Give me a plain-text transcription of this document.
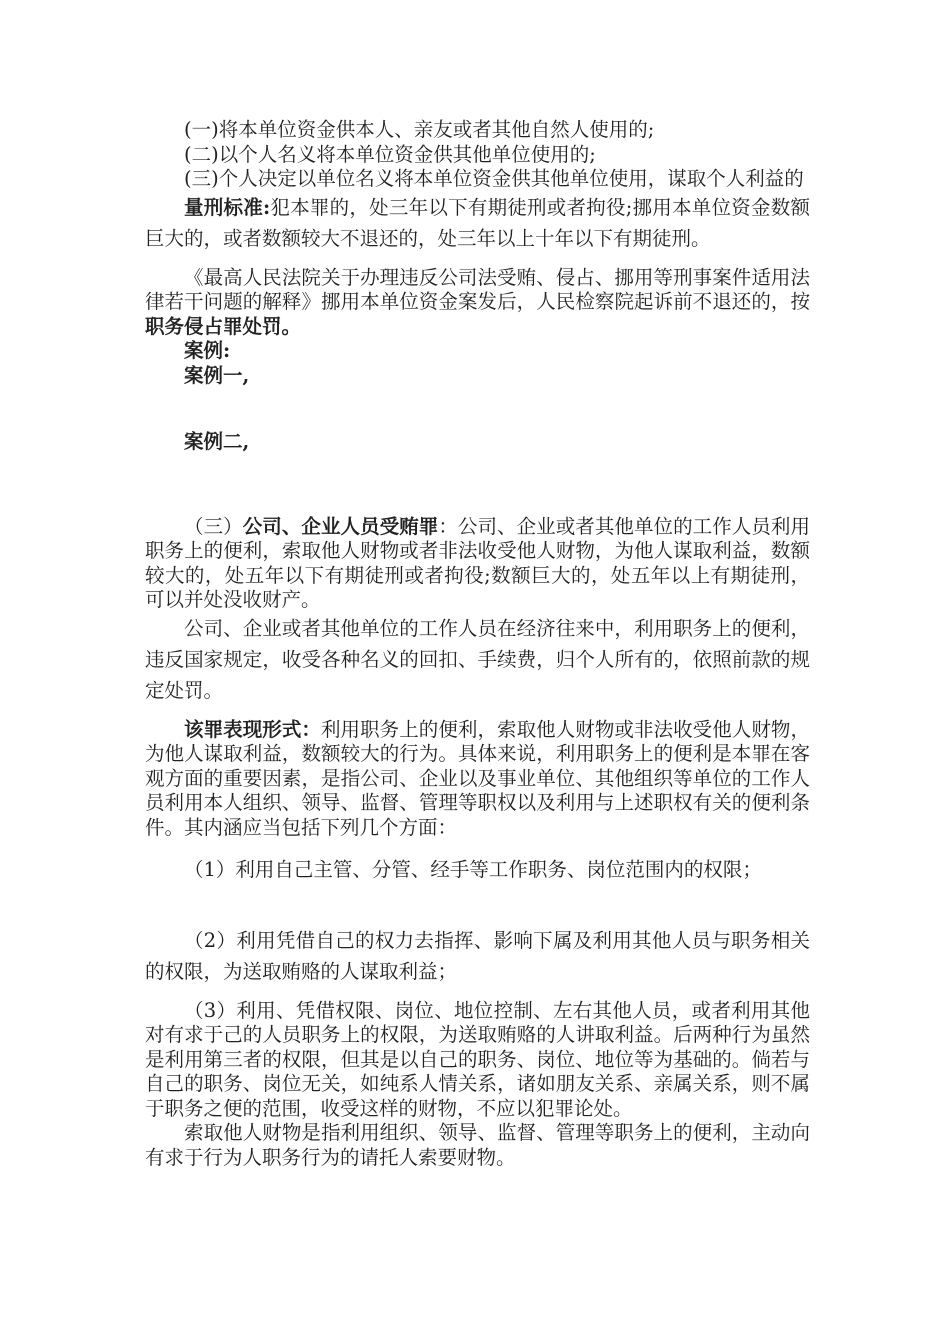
(一)将本单位资金供本人、亲友或者其他自然人使用的;

(二)以个人名义将本单位资金供其他单位使用的;

(三)个人决定以单位名义将本单位资金供其他单位使用，谋取个人利益的

量刑标准:犯本罪的，处三年以下有期徒刑或者拘役;挪用本单位资金数额巨大的，或者数额较大不退还的，处三年以上十年以下有期徒刑。

《最高人民法院关于办理违反公司法受贿、侵占、挪用等刑事案件适用法律若干问题的解释》挪用本单位资金案发后，人民检察院起诉前不退还的，按职务侵占罪处罚。

案例:

案例一,

案例二,

（三）公司、企业人员受贿罪：公司、企业或者其他单位的工作人员利用职务上的便利，索取他人财物或者非法收受他人财物，为他人谋取利益，数额较大的，处五年以下有期徒刑或者拘役;数额巨大的，处五年以上有期徒刑，可以并处没收财产。

公司、企业或者其他单位的工作人员在经济往来中，利用职务上的便利，违反国家规定，收受各种名义的回扣、手续费，归个人所有的，依照前款的规定处罚。

该罪表现形式：利用职务上的便利，索取他人财物或非法收受他人财物，为他人谋取利益，数额较大的行为。具体来说，利用职务上的便利是本罪在客观方面的重要因素，是指公司、企业以及事业单位、其他组织等单位的工作人员利用本人组织、领导、监督、管理等职权以及利用与上述职权有关的便利条件。其内涵应当包括下列几个方面：

（1）利用自己主管、分管、经手等工作职务、岗位范围内的权限；

（2）利用凭借自己的权力去指挥、影响下属及利用其他人员与职务相关的权限，为送取贿赂的人谋取利益；

（3）利用、凭借权限、岗位、地位控制、左右其他人员，或者利用其他对有求于己的人员职务上的权限，为送取贿赂的人讲取利益。后两种行为虽然是利用第三者的权限，但其是以自己的职务、岗位、地位等为基础的。倘若与自己的职务、岗位无关，如纯系人情关系，诸如朋友关系、亲属关系，则不属于职务之便的范围，收受这样的财物，不应以犯罪论处。

索取他人财物是指利用组织、领导、监督、管理等职务上的便利，主动向有求于行为人职务行为的请托人索要财物。
